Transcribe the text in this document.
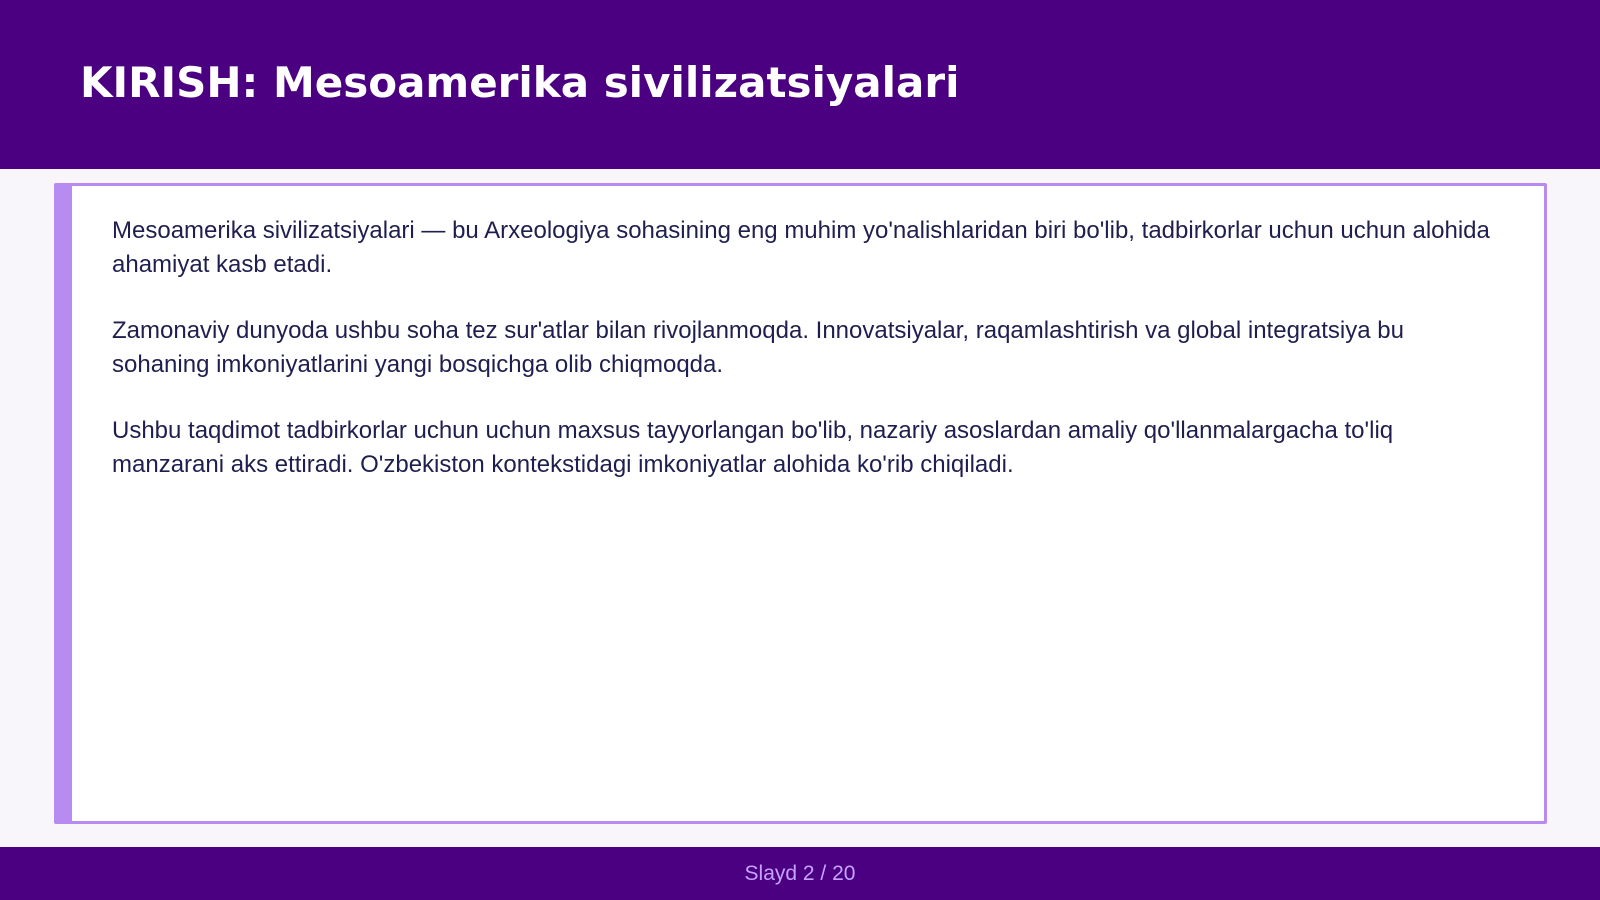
KIRISH: Mesoamerika sivilizatsiyalari

Mesoamerika sivilizatsiyalari — bu Arxeologiya sohasining eng muhim yo'nalishlaridan biri bo'lib, tadbirkorlar uchun uchun alohida ahamiyat kasb etadi.

Zamonaviy dunyoda ushbu soha tez sur'atlar bilan rivojlanmoqda. Innovatsiyalar, raqamlashtirish va global integratsiya bu sohaning imkoniyatlarini yangi bosqichga olib chiqmoqda.

Ushbu taqdimot tadbirkorlar uchun uchun maxsus tayyorlangan bo'lib, nazariy asoslardan amaliy qo'llanmalargacha to'liq manzarani aks ettiradi. O'zbekiston kontekstidagi imkoniyatlar alohida ko'rib chiqiladi.

Slayd 2 / 20
